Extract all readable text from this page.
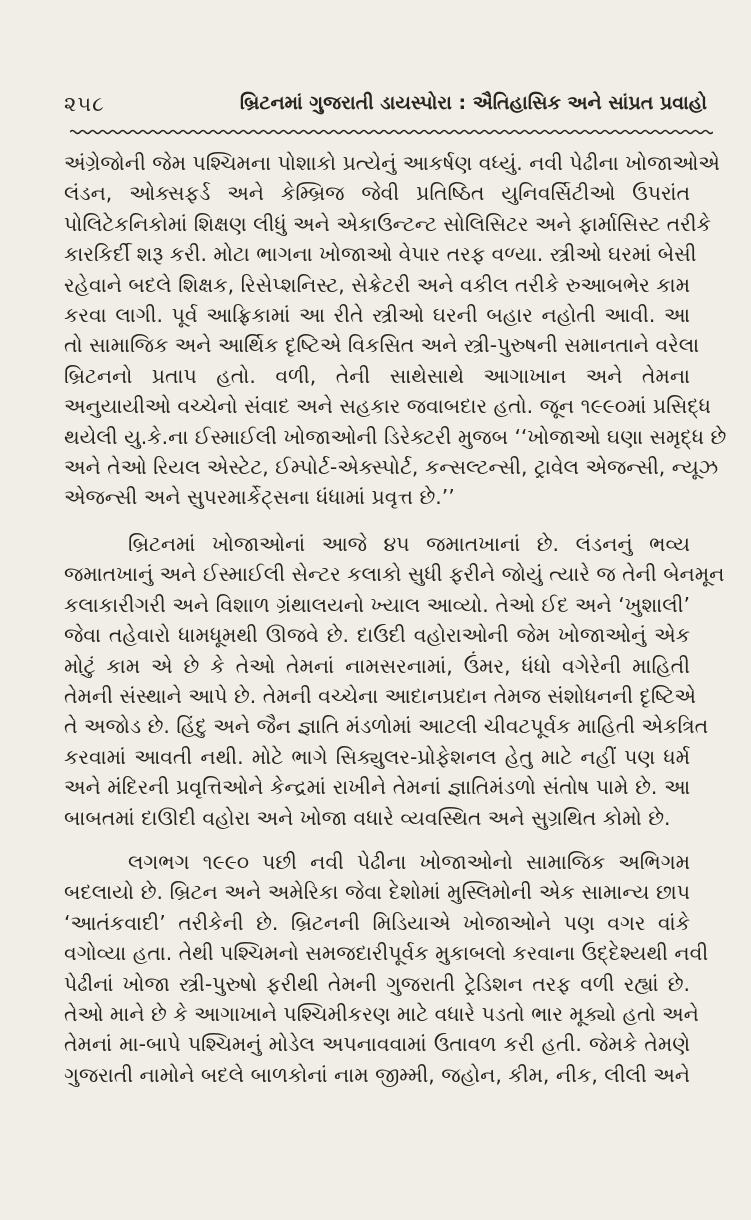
૨૫૮	બ્રિટનમાં ગુજરાતી ડાયસ્પોરા : ઐતિહાસિક અને સાંપ્રત પ્રવાહો
અંગ્રેજોની જેમ પશ્ચિમના પોશાકો પ્રત્યેનું આકર્ષણ વધ્યું. નવી પેઢીના ખોજાઓએ
લંડન, ઓક્સફર્ડ અને કેમ્બ્રિજ જેવી પ્રતિષ્ઠિત યુનિવર્સિટીઓ ઉપરાંત
પોલિટેકનિકોમાં શિક્ષણ લીધું અને એકાઉન્ટન્ટ સોલિસિટર અને ફાર્માસિસ્ટ તરીકે
કારકિર્દી શરૂ કરી. મોટા ભાગના ખોજાઓ વેપાર તરફ વળ્યા. સ્ત્રીઓ ઘરમાં બેસી
રહેવાને બદલે શિક્ષક, રિસેપ્શનિસ્ટ, સેક્રેટરી અને વકીલ તરીકે રુઆબભેર કામ
કરવા લાગી. પૂર્વ આફ્રિકામાં આ રીતે સ્ત્રીઓ ઘરની બહાર નહોતી આવી. આ
તો સામાજિક અને આર્થિક દૃષ્ટિએ વિકસિત અને સ્ત્રી-પુરુષની સમાનતાને વરેલા
બ્રિટનનો પ્રતાપ હતો. વળી, તેની સાથેસાથે આગાખાન અને તેમના
અનુયાયીઓ વચ્ચેનો સંવાદ અને સહકાર જવાબદાર હતો. જૂન ૧૯૯૦માં પ્રસિદ્ધ
થયેલી યુ.કે.ના ઈસ્માઈલી ખોજાઓની ડિરેક્ટરી મુજબ ‘‘ખોજાઓ ઘણા સમૃદ્ધ છે
અને તેઓ રિયલ એસ્ટેટ, ઈમ્પોર્ટ-એક્સ્પોર્ટ, કન્સલ્ટન્સી, ટ્રાવેલ એજન્સી, ન્યૂઝ
એજન્સી અને સુપરમાર્કેટ્સના ધંધામાં પ્રવૃત્ત છે.’’
બ્રિટનમાં ખોજાઓનાં આજે ૪૫ જમાતખાનાં છે. લંડનનું ભવ્ય
જમાતખાનું અને ઈસ્માઈલી સેન્ટર કલાકો સુધી ફરીને જોયું ત્યારે જ તેની બેનમૂન
કલાકારીગરી અને વિશાળ ગ્રંથાલયનો ખ્યાલ આવ્યો. તેઓ ઈદ અને ‘ખુશાલી’
જેવા તહેવારો ધામધૂમથી ઊજવે છે. દાઉદી વહોરાઓની જેમ ખોજાઓનું એક
મોટું કામ એ છે કે તેઓ તેમનાં નામસરનામાં, ઉંમર, ધંધો વગેરેની માહિતી
તેમની સંસ્થાને આપે છે. તેમની વચ્ચેના આદાનપ્રદાન તેમજ સંશોધનની દૃષ્ટિએ
તે અજોડ છે. હિંદુ અને જૈન જ્ઞાતિ મંડળોમાં આટલી ચીવટપૂર્વક માહિતી એકત્રિત
કરવામાં આવતી નથી. મોટે ભાગે સિક્યુલર-પ્રોફેશનલ હેતુ માટે નહીં પણ ધર્મ
અને મંદિરની પ્રવૃત્તિઓને કેન્દ્રમાં રાખીને તેમનાં જ્ઞાતિમંડળો સંતોષ પામે છે. આ
બાબતમાં દાઊદી વહોરા અને ખોજા વધારે વ્યવસ્થિત અને સુગ્રથિત કોમો છે.
લગભગ ૧૯૯૦ પછી નવી પેઢીના ખોજાઓનો સામાજિક અભિગમ
બદલાયો છે. બ્રિટન અને અમેરિકા જેવા દેશોમાં મુસ્લિમોની એક સામાન્ય છાપ
‘આતંકવાદી’ તરીકેની છે. બ્રિટનની મિડિયાએ ખોજાઓને પણ વગર વાંકે
વગોવ્યા હતા. તેથી પશ્ચિમનો સમજદારીપૂર્વક મુકાબલો કરવાના ઉદ્દેશ્યથી નવી
પેઢીનાં ખોજા સ્ત્રી-પુરુષો ફરીથી તેમની ગુજરાતી ટ્રેડિશન તરફ વળી રહ્યાં છે.
તેઓ માને છે કે આગાખાને પશ્ચિમીકરણ માટે વધારે પડતો ભાર મૂક્યો હતો અને
તેમનાં મા-બાપે પશ્ચિમનું મોડેલ અપનાવવામાં ઉતાવળ કરી હતી. જેમકે તેમણે
ગુજરાતી નામોને બદલે બાળકોનાં નામ જીમ્મી, જહોન, કીમ, નીક, લીલી અને
